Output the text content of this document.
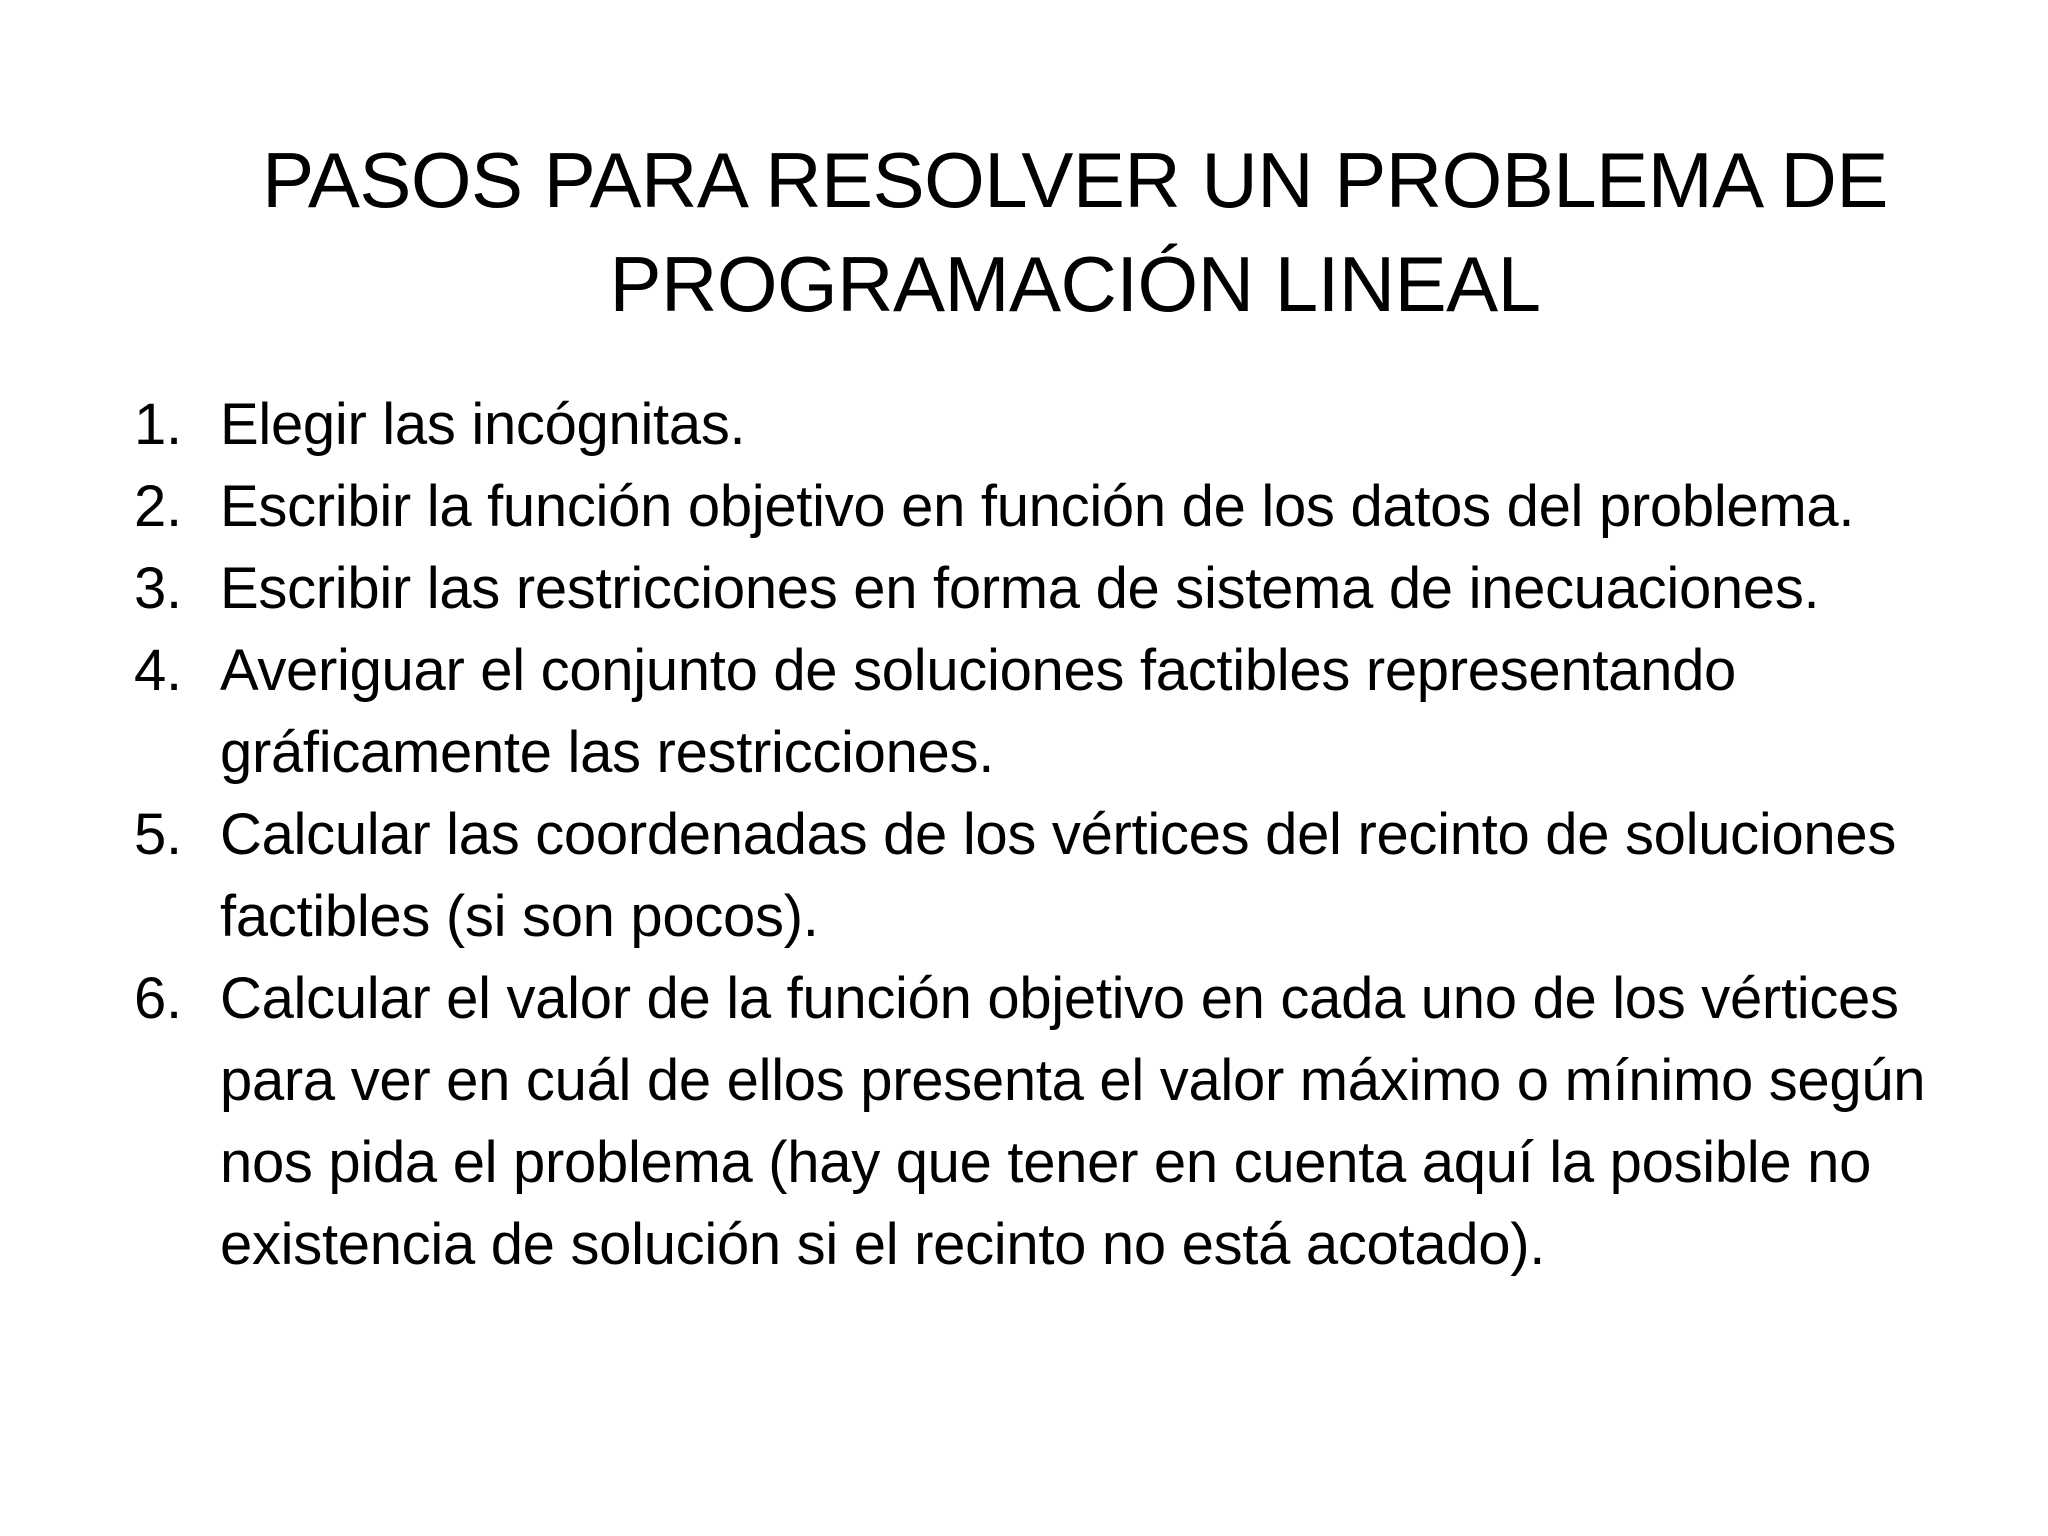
PASOS PARA RESOLVER UN PROBLEMA DE
PROGRAMACIÓN LINEAL
1. Elegir las incógnitas.
2. Escribir la función objetivo en función de los datos del problema.
3. Escribir las restricciones en forma de sistema de inecuaciones.
4. Averiguar el conjunto de soluciones factibles representando gráficamente las restricciones.
5. Calcular las coordenadas de los vértices del recinto de soluciones factibles (si son pocos).
6. Calcular el valor de la función objetivo en cada uno de los vértices para ver en cuál de ellos presenta el valor máximo o mínimo según nos pida el problema (hay que tener en cuenta aquí la posible no existencia de solución si el recinto no está acotado).
